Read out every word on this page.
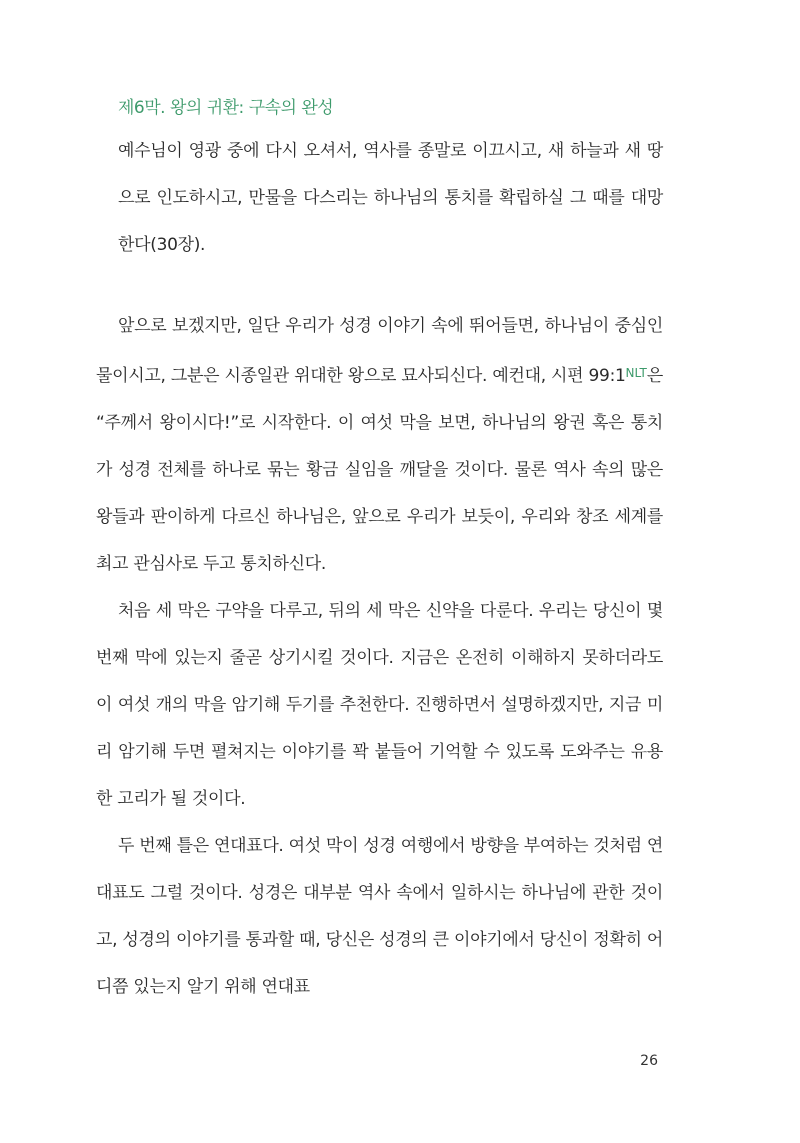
제6막. 왕의 귀환: 구속의 완성
예수님이 영광 중에 다시 오셔서, 역사를 종말로 이끄시고, 새 하늘과 새 땅으로 인도하시고, 만물을 다스리는 하나님의 통치를 확립하실 그 때를 대망한다(30장).

앞으로 보겠지만, 일단 우리가 성경 이야기 속에 뛰어들면, 하나님이 중심인물이시고, 그분은 시종일관 위대한 왕으로 묘사되신다. 예컨대, 시편 $99:1^{NLT}$은 “주께서 왕이시다!”로 시작한다. 이 여섯 막을 보면, 하나님의 왕권 혹은 통치가 성경 전체를 하나로 묶는 황금 실임을 깨달을 것이다. 물론 역사 속의 많은 왕들과 판이하게 다르신 하나님은, 앞으로 우리가 보듯이, 우리와 창조 세계를 최고 관심사로 두고 통치하신다.

처음 세 막은 구약을 다루고, 뒤의 세 막은 신약을 다룬다. 우리는 당신이 몇 번째 막에 있는지 줄곧 상기시킬 것이다. 지금은 온전히 이해하지 못하더라도 이 여섯 개의 막을 암기해 두기를 추천한다. 진행하면서 설명하겠지만, 지금 미리 암기해 두면 펼쳐지는 이야기를 꽉 붙들어 기억할 수 있도록 도와주는 유용한 고리가 될 것이다.

두 번째 틀은 연대표다. 여섯 막이 성경 여행에서 방향을 부여하는 것처럼 연대표도 그럴 것이다. 성경은 대부분 역사 속에서 일하시는 하나님에 관한 것이고, 성경의 이야기를 통과할 때, 당신은 성경의 큰 이야기에서 당신이 정확히 어디쯤 있는지 알기 위해 연대표

26
